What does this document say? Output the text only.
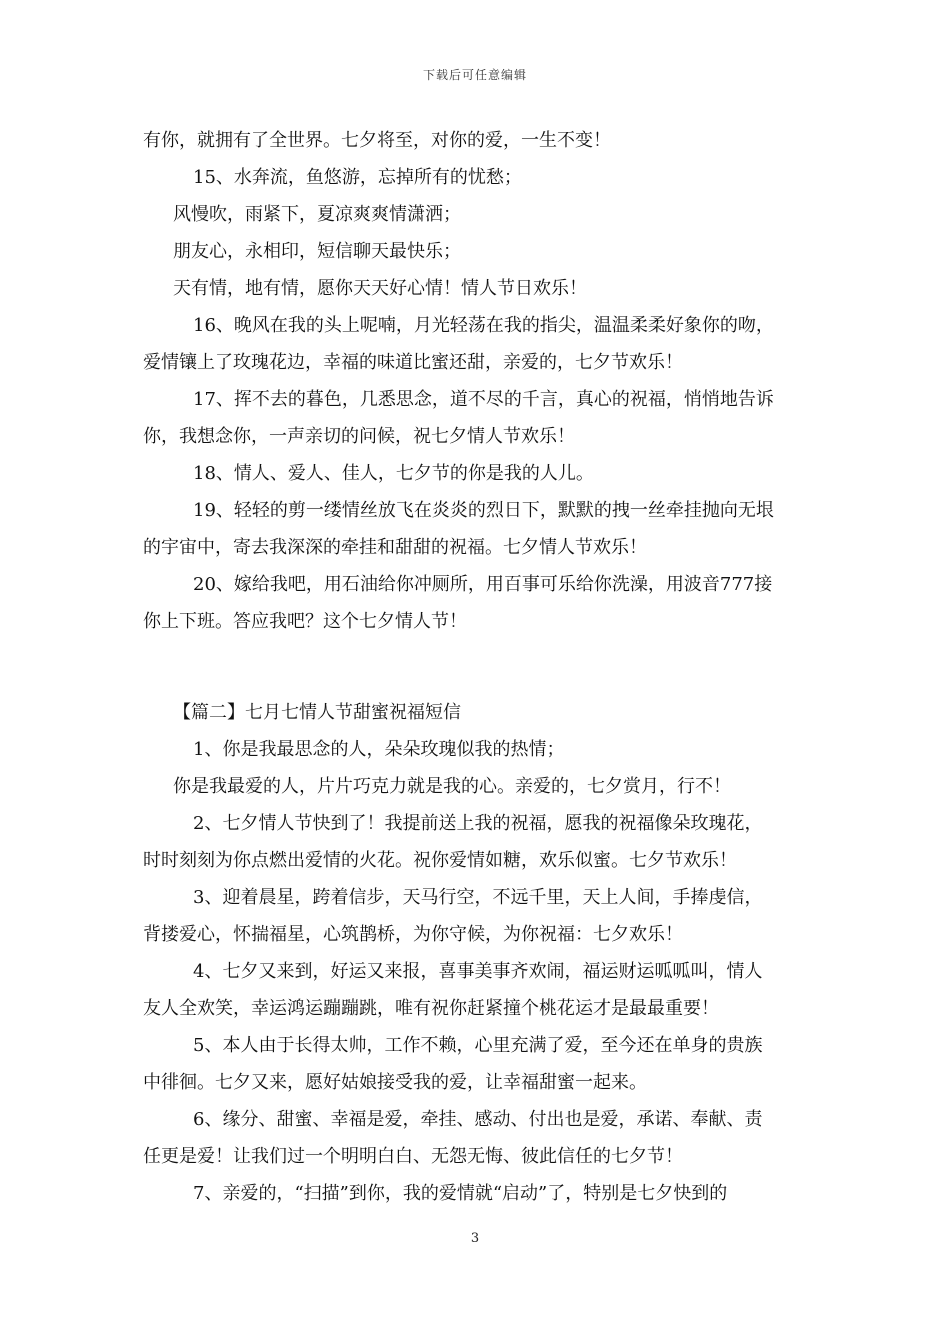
下载后可任意编辑
有你，就拥有了全世界。七夕将至，对你的爱，一生不变！
15、水奔流，鱼悠游，忘掉所有的忧愁；
风慢吹，雨紧下，夏凉爽爽情潇洒；
朋友心，永相印，短信聊天最快乐；
天有情，地有情，愿你天天好心情！情人节日欢乐！
16、晚风在我的头上呢喃，月光轻荡在我的指尖，温温柔柔好象你的吻，
爱情镶上了玫瑰花边，幸福的味道比蜜还甜，亲爱的，七夕节欢乐！
17、挥不去的暮色，几悉思念，道不尽的千言，真心的祝福，悄悄地告诉
你，我想念你，一声亲切的问候，祝七夕情人节欢乐！
18、情人、爱人、佳人，七夕节的你是我的人儿。
19、轻轻的剪一缕情丝放飞在炎炎的烈日下，默默的拽一丝牵挂抛向无垠
的宇宙中，寄去我深深的牵挂和甜甜的祝福。七夕情人节欢乐！
20、嫁给我吧，用石油给你冲厕所，用百事可乐给你洗澡，用波音777接
你上下班。答应我吧？这个七夕情人节！
【篇二】七月七情人节甜蜜祝福短信
1、你是我最思念的人，朵朵玫瑰似我的热情；
你是我最爱的人，片片巧克力就是我的心。亲爱的，七夕赏月，行不！
2、七夕情人节快到了！我提前送上我的祝福，愿我的祝福像朵玫瑰花，
时时刻刻为你点燃出爱情的火花。祝你爱情如糖，欢乐似蜜。七夕节欢乐！
3、迎着晨星，跨着信步，天马行空，不远千里，天上人间，手捧虔信，
背搂爱心，怀揣福星，心筑鹊桥，为你守候，为你祝福：七夕欢乐！
4、七夕又来到，好运又来报，喜事美事齐欢闹，福运财运呱呱叫，情人
友人全欢笑，幸运鸿运蹦蹦跳，唯有祝你赶紧撞个桃花运才是最最重要！
5、本人由于长得太帅，工作不赖，心里充满了爱，至今还在单身的贵族
中徘徊。七夕又来，愿好姑娘接受我的爱，让幸福甜蜜一起来。
6、缘分、甜蜜、幸福是爱，牵挂、感动、付出也是爱，承诺、奉献、责
任更是爱！让我们过一个明明白白、无怨无悔、彼此信任的七夕节！
7、亲爱的，“扫描”到你，我的爱情就“启动”了，特别是七夕快到的
3
